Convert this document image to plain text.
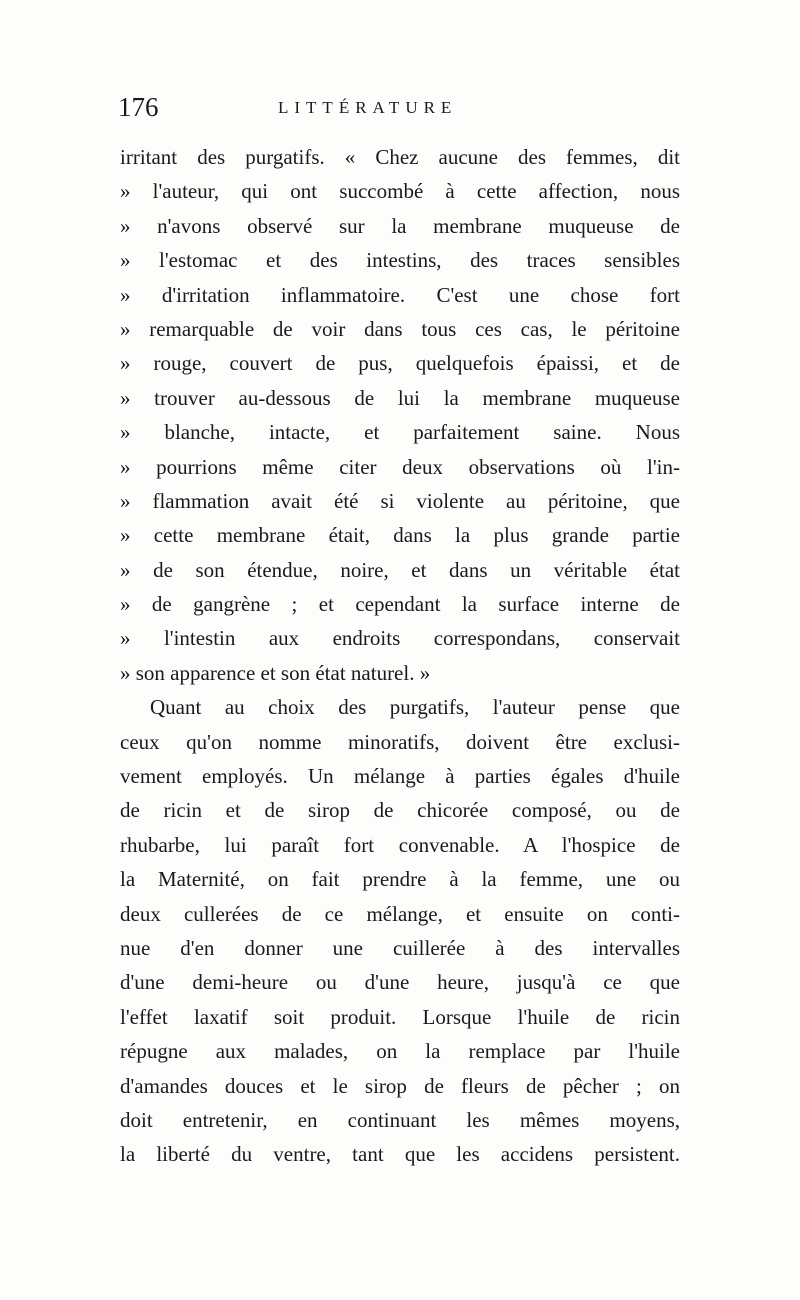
176	LITTÉRATURE
irritant des purgatifs. « Chez aucune des femmes, dit
» l'auteur, qui ont succombé à cette affection, nous
» n'avons observé sur la membrane muqueuse de
» l'estomac et des intestins, des traces sensibles
» d'irritation inflammatoire. C'est une chose fort
» remarquable de voir dans tous ces cas, le péritoine
» rouge, couvert de pus, quelquefois épaissi, et de
» trouver au-dessous de lui la membrane muqueuse
» blanche, intacte, et parfaitement saine. Nous
» pourrions même citer deux observations où l'in-
» flammation avait été si violente au péritoine, que
» cette membrane était, dans la plus grande partie
» de son étendue, noire, et dans un véritable état
» de gangrène ; et cependant la surface interne de
» l'intestin aux endroits correspondans, conservait
» son apparence et son état naturel. »
Quant au choix des purgatifs, l'auteur pense que
ceux qu'on nomme minoratifs, doivent être exclusi-
vement employés. Un mélange à parties égales d'huile
de ricin et de sirop de chicorée composé, ou de
rhubarbe, lui paraît fort convenable. A l'hospice de
la Maternité, on fait prendre à la femme, une ou
deux cullerées de ce mélange, et ensuite on conti-
nue d'en donner une cuillerée à des intervalles
d'une demi-heure ou d'une heure, jusqu'à ce que
l'effet laxatif soit produit. Lorsque l'huile de ricin
répugne aux malades, on la remplace par l'huile
d'amandes douces et le sirop de fleurs de pêcher ; on
doit entretenir, en continuant les mêmes moyens,
la liberté du ventre, tant que les accidens persistent.
